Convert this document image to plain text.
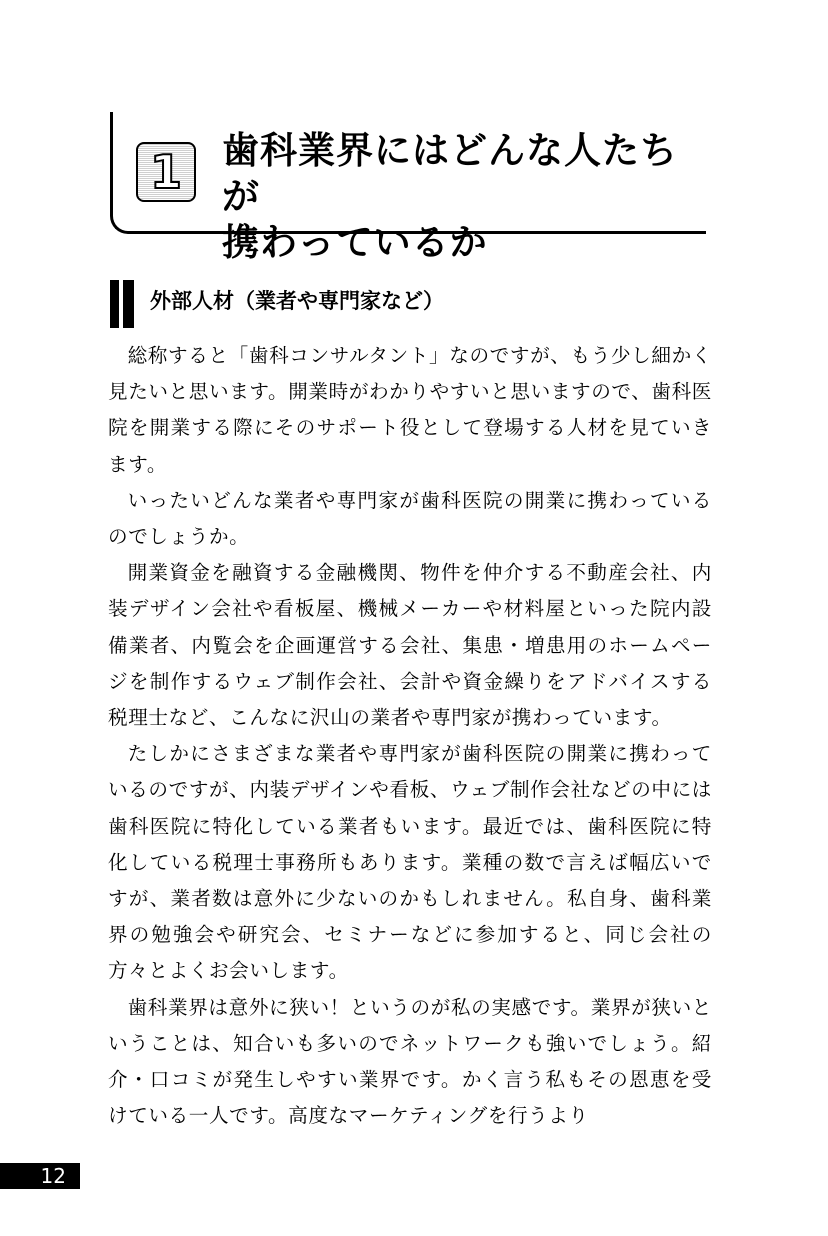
1 歯科業界にはどんな人たちが
携わっているか
外部人材（業者や専門家など）

総称すると「歯科コンサルタント」なのですが、もう少し細かく見たいと思います。開業時がわかりやすいと思いますので、歯科医院を開業する際にそのサポート役として登場する人材を見ていきます。

いったいどんな業者や専門家が歯科医院の開業に携わっているのでしょうか。

開業資金を融資する金融機関、物件を仲介する不動産会社、内装デザイン会社や看板屋、機械メーカーや材料屋といった院内設備業者、内覧会を企画運営する会社、集患・増患用のホームページを制作するウェブ制作会社、会計や資金繰りをアドバイスする税理士など、こんなに沢山の業者や専門家が携わっています。

たしかにさまざまな業者や専門家が歯科医院の開業に携わっているのですが、内装デザインや看板、ウェブ制作会社などの中には歯科医院に特化している業者もいます。最近では、歯科医院に特化している税理士事務所もあります。業種の数で言えば幅広いですが、業者数は意外に少ないのかもしれません。私自身、歯科業界の勉強会や研究会、セミナーなどに参加すると、同じ会社の方々とよくお会いします。

歯科業界は意外に狭い！というのが私の実感です。業界が狭いということは、知合いも多いのでネットワークも強いでしょう。紹介・口コミが発生しやすい業界です。かく言う私もその恩恵を受けている一人です。高度なマーケティングを行うより

12
